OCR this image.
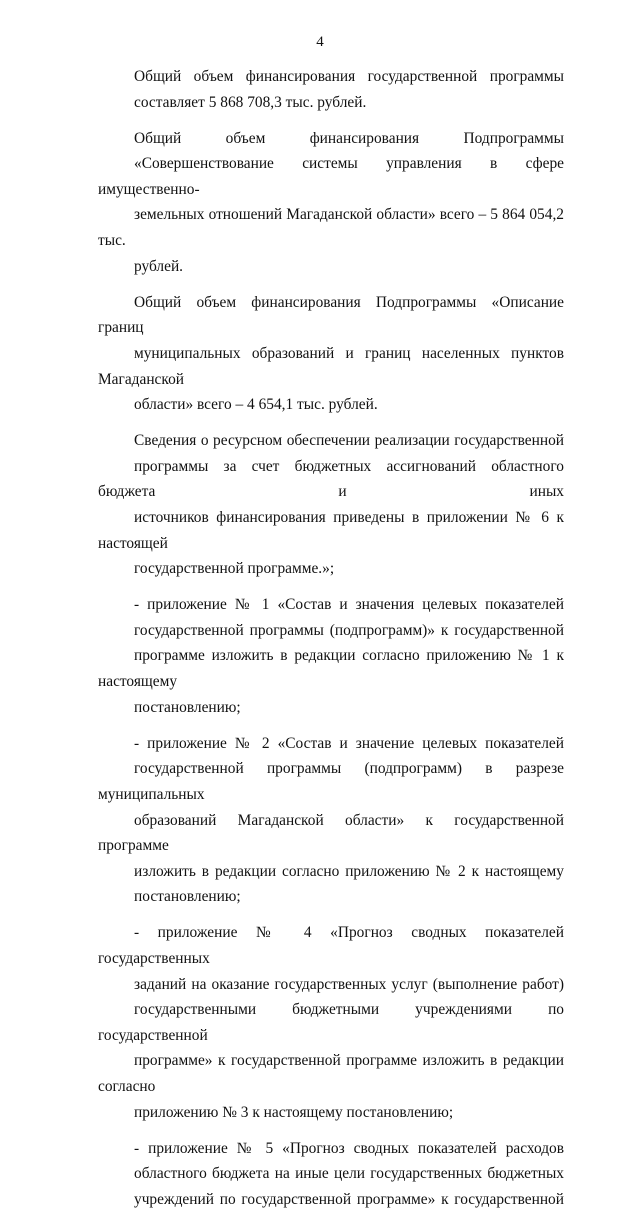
4

Общий объем финансирования государственной программы
составляет 5 868 708,3 тыс. рублей.

Общий объем финансирования Подпрограммы
«Совершенствование системы управления в сфере имущественно-
земельных отношений Магаданской области» всего – 5 864 054,2 тыс.
рублей.

Общий объем финансирования Подпрограммы «Описание границ
муниципальных образований и границ населенных пунктов Магаданской
области» всего – 4 654,1 тыс. рублей.

Сведения о ресурсном обеспечении реализации государственной
программы за счет бюджетных ассигнований областного бюджета и иных
источников финансирования приведены в приложении № 6 к настоящей
государственной программе.»;

- приложение № 1 «Состав и значения целевых показателей
государственной программы (подпрограмм)» к государственной
программе изложить в редакции согласно приложению № 1 к настоящему
постановлению;

- приложение № 2 «Состав и значение целевых показателей
государственной программы (подпрограмм) в разрезе муниципальных
образований Магаданской области» к государственной программе
изложить в редакции согласно приложению № 2 к настоящему
постановлению;

- приложение № 4 «Прогноз сводных показателей государственных
заданий на оказание государственных услуг (выполнение работ)
государственными бюджетными учреждениями по государственной
программе» к государственной программе изложить в редакции согласно
приложению № 3 к настоящему постановлению;

- приложение № 5 «Прогноз сводных показателей расходов
областного бюджета на иные цели государственных бюджетных
учреждений по государственной программе» к государственной
